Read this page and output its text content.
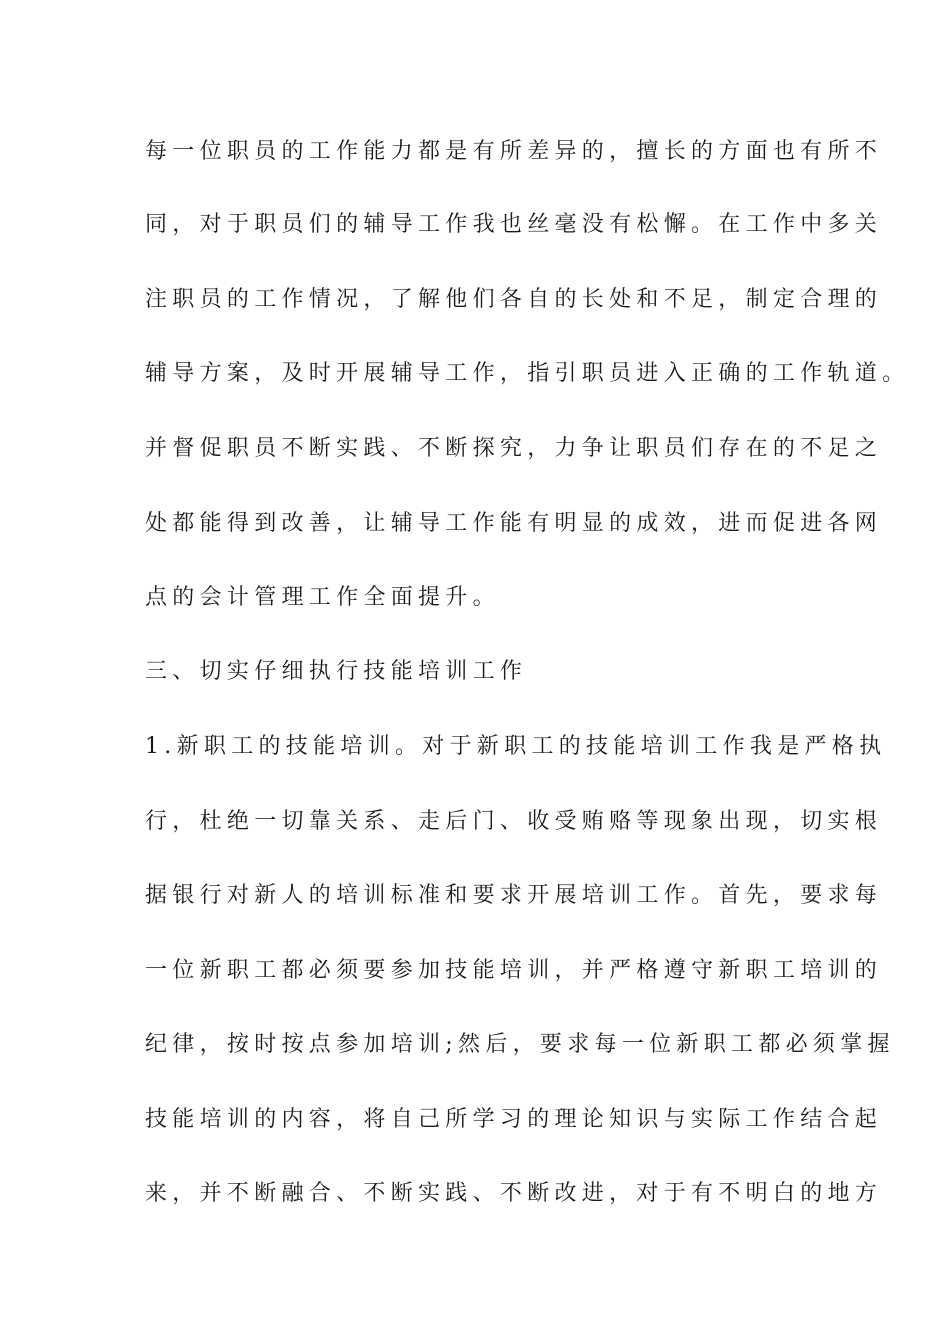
每一位职员的工作能力都是有所差异的，擅长的方面也有所不
同，对于职员们的辅导工作我也丝毫没有松懈。在工作中多关
注职员的工作情况，了解他们各自的长处和不足，制定合理的
辅导方案，及时开展辅导工作，指引职员进入正确的工作轨道。
并督促职员不断实践、不断探究，力争让职员们存在的不足之
处都能得到改善，让辅导工作能有明显的成效，进而促进各网
点的会计管理工作全面提升。
三、切实仔细执行技能培训工作
1.新职工的技能培训。对于新职工的技能培训工作我是严格执
行，杜绝一切靠关系、走后门、收受贿赂等现象出现，切实根
据银行对新人的培训标准和要求开展培训工作。首先，要求每
一位新职工都必须要参加技能培训，并严格遵守新职工培训的
纪律，按时按点参加培训;然后，要求每一位新职工都必须掌握
技能培训的内容，将自己所学习的理论知识与实际工作结合起
来，并不断融合、不断实践、不断改进，对于有不明白的地方
